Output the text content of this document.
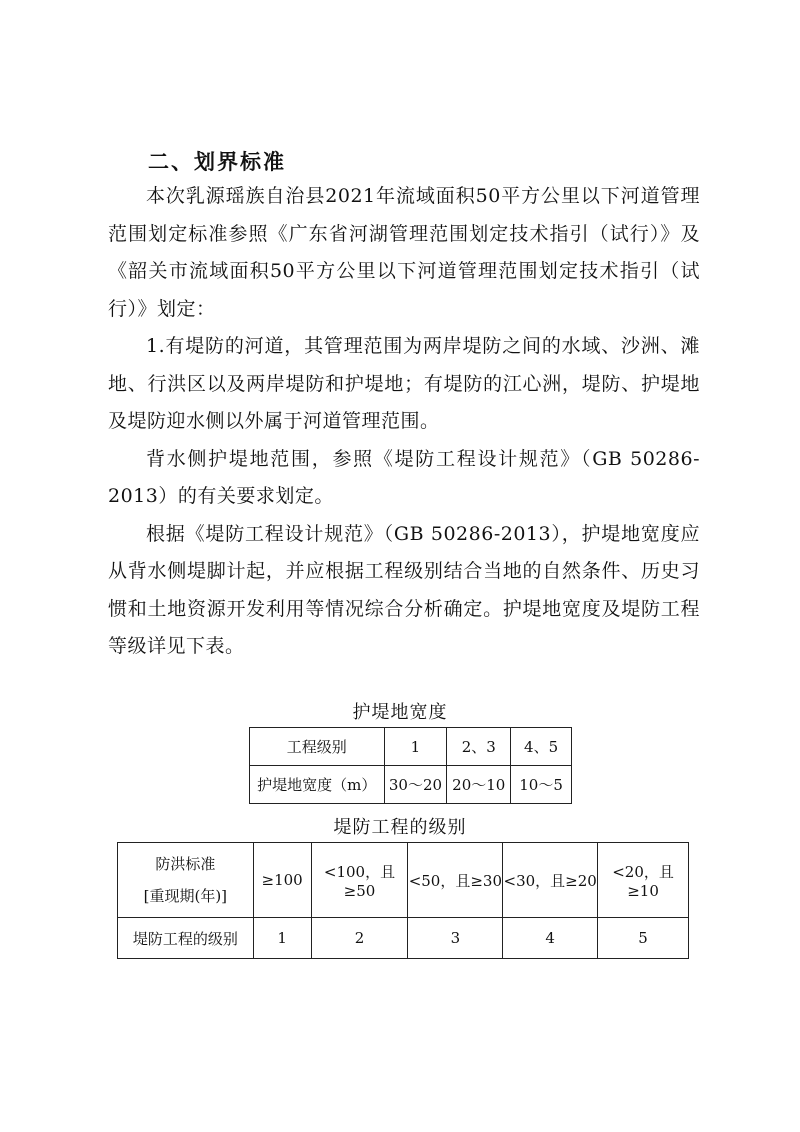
二、划界标准

本次乳源瑶族自治县2021年流域面积50平方公里以下河道管理范围划定标准参照《广东省河湖管理范围划定技术指引（试行）》及《韶关市流域面积50平方公里以下河道管理范围划定技术指引（试行）》划定：

1.有堤防的河道，其管理范围为两岸堤防之间的水域、沙洲、滩地、行洪区以及两岸堤防和护堤地；有堤防的江心洲，堤防、护堤地及堤防迎水侧以外属于河道管理范围。

背水侧护堤地范围，参照《堤防工程设计规范》（GB 50286-2013）的有关要求划定。

根据《堤防工程设计规范》（GB 50286-2013），护堤地宽度应从背水侧堤脚计起，并应根据工程级别结合当地的自然条件、历史习惯和土地资源开发利用等情况综合分析确定。护堤地宽度及堤防工程等级详见下表。

护堤地宽度
工程级别	1	2、3	4、5
护堤地宽度（m）	30～20	20～10	10～5
堤防工程的级别
防洪标准
[重现期(年)]	≥100	<100，且≥50	<50，且≥30	<30，且≥20	<20，且≥10
堤防工程的级别	1	2	3	4	5
